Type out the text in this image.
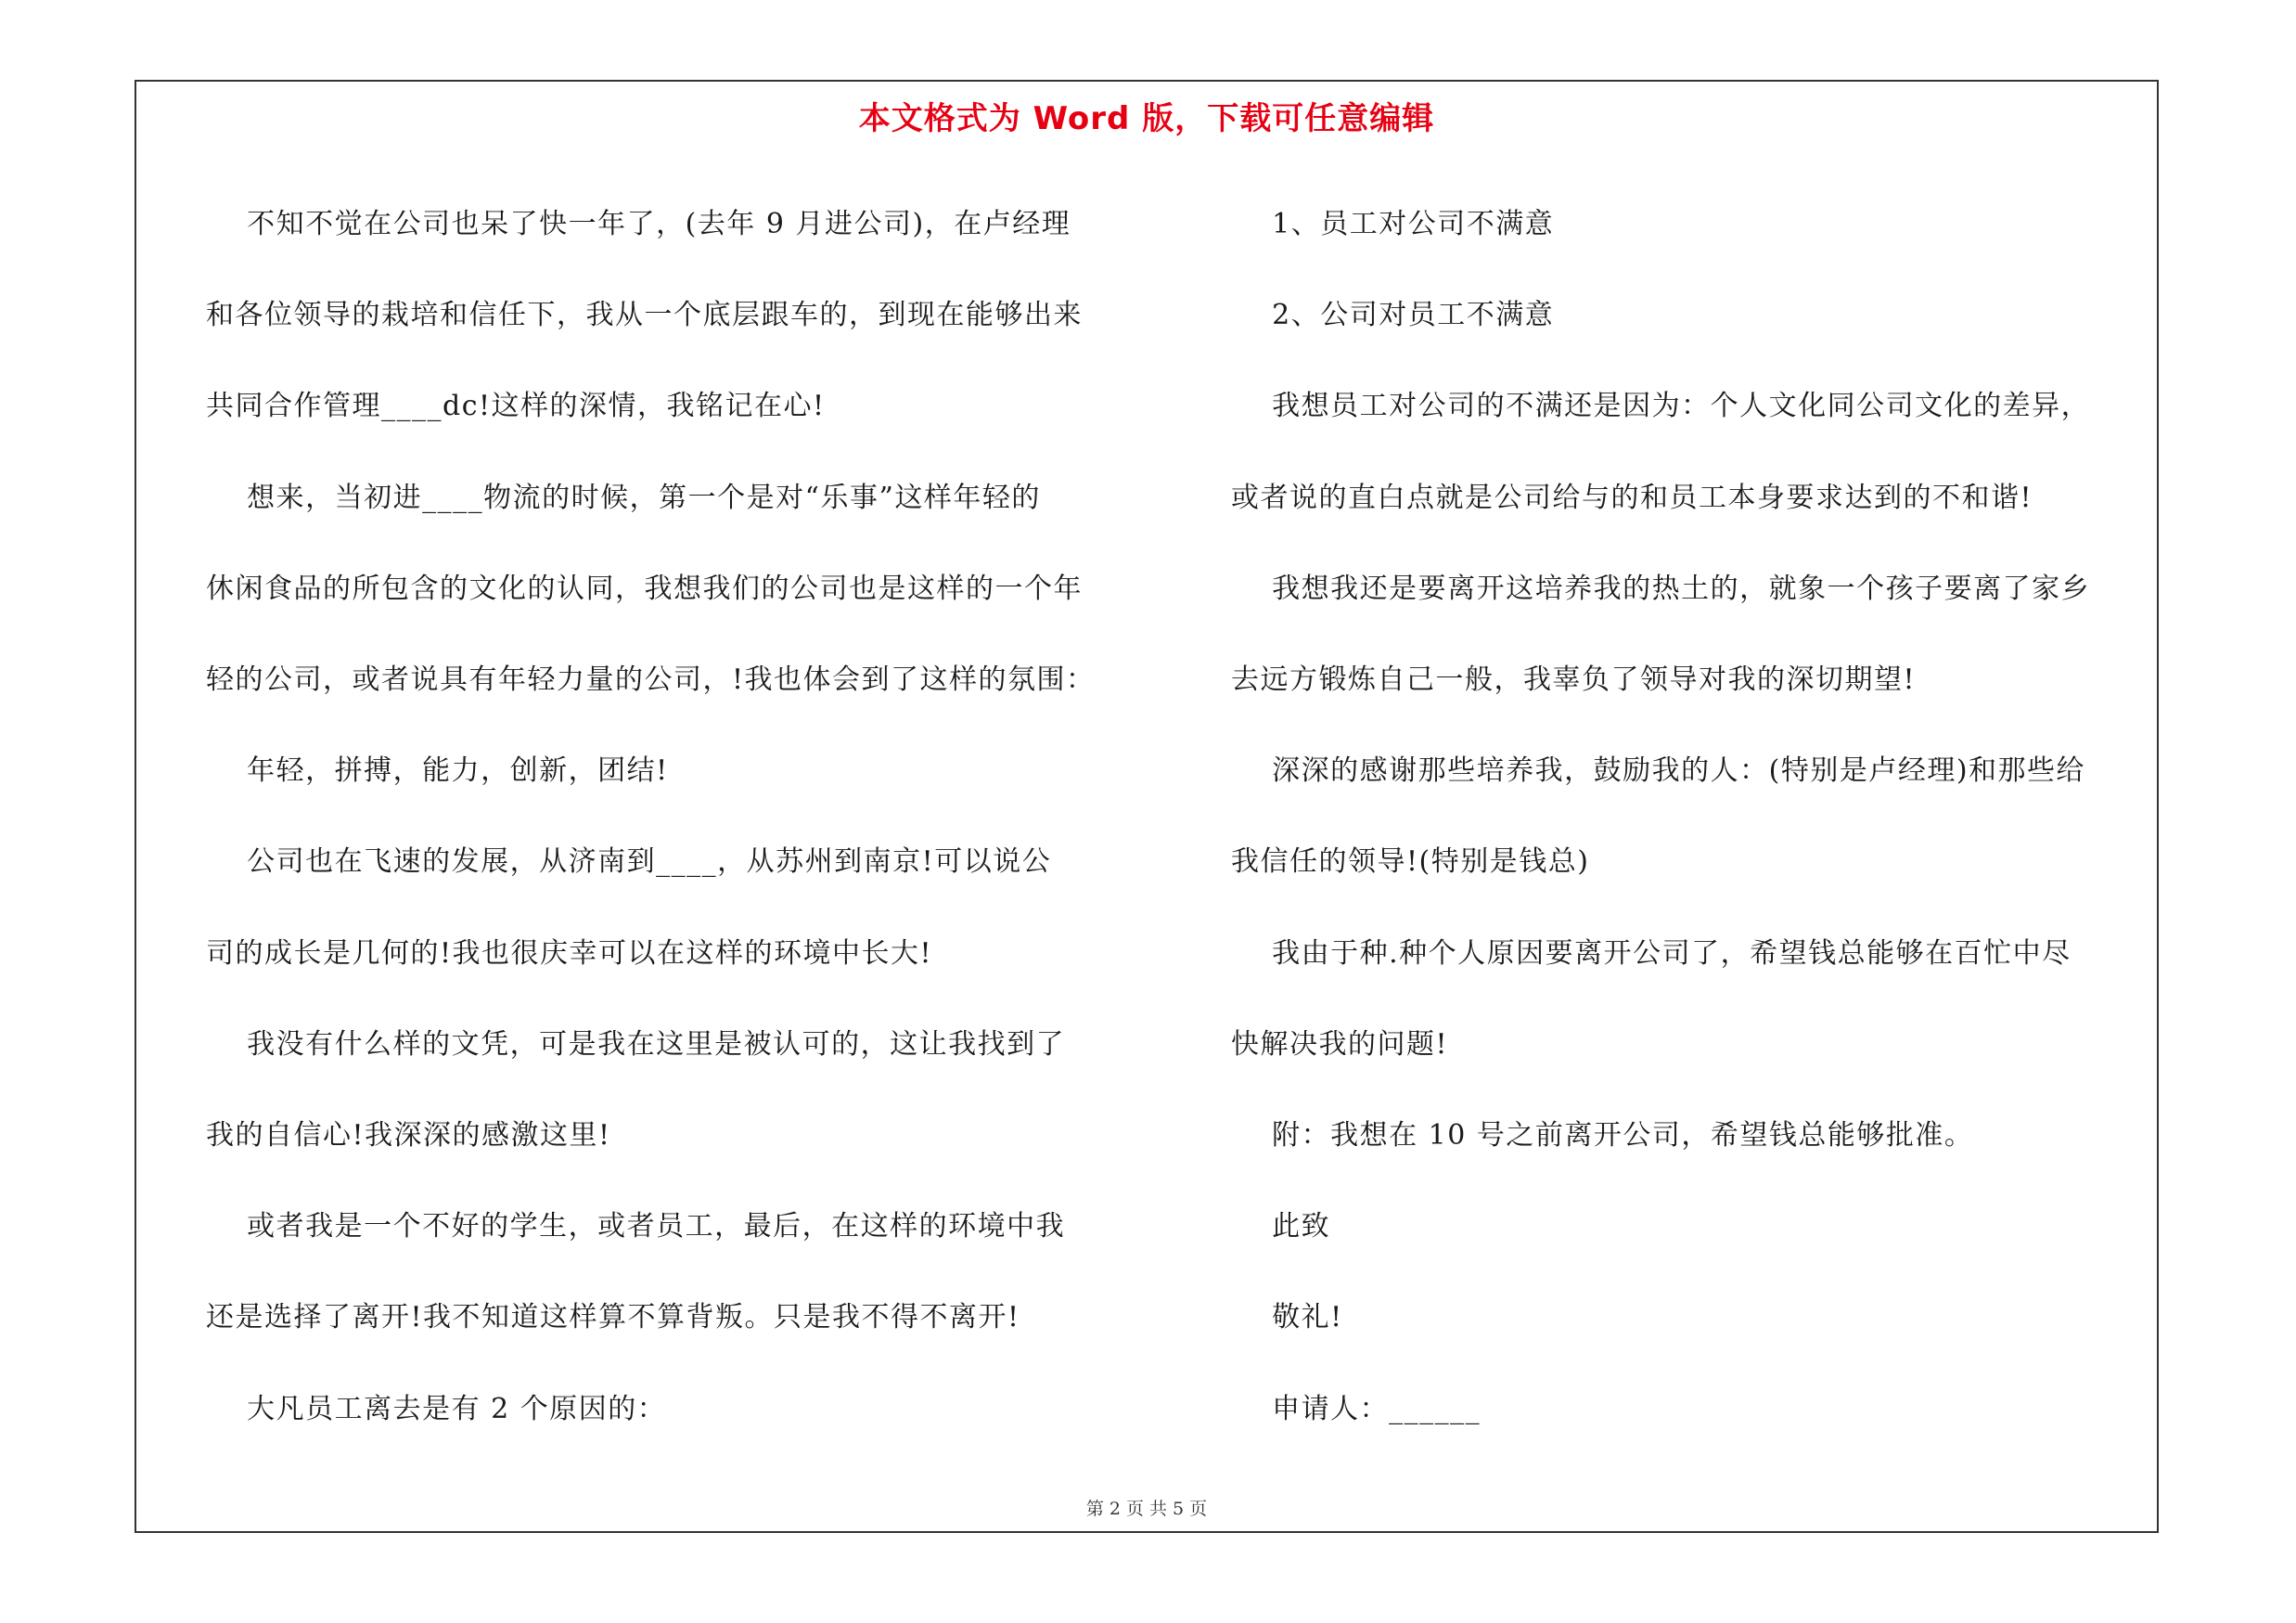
本文格式为 Word 版，下载可任意编辑

不知不觉在公司也呆了快一年了，(去年 9 月进公司)，在卢经理

和各位领导的栽培和信任下，我从一个底层跟车的，到现在能够出来

共同合作管理____dc!这样的深情，我铭记在心!

想来，当初进____物流的时候，第一个是对“乐事”这样年轻的

休闲食品的所包含的文化的认同，我想我们的公司也是这样的一个年

轻的公司，或者说具有年轻力量的公司，!我也体会到了这样的氛围：

年轻，拼搏，能力，创新，团结!

公司也在飞速的发展，从济南到____，从苏州到南京!可以说公

司的成长是几何的!我也很庆幸可以在这样的环境中长大!

我没有什么样的文凭，可是我在这里是被认可的，这让我找到了

我的自信心!我深深的感激这里!

或者我是一个不好的学生，或者员工，最后，在这样的环境中我

还是选择了离开!我不知道这样算不算背叛。只是我不得不离开!

大凡员工离去是有 2 个原因的：

1、员工对公司不满意

2、公司对员工不满意

我想员工对公司的不满还是因为：个人文化同公司文化的差异，

或者说的直白点就是公司给与的和员工本身要求达到的不和谐!

我想我还是要离开这培养我的热土的，就象一个孩子要离了家乡

去远方锻炼自己一般，我辜负了领导对我的深切期望!

深深的感谢那些培养我，鼓励我的人：(特别是卢经理)和那些给

我信任的领导!(特别是钱总)

我由于种.种个人原因要离开公司了，希望钱总能够在百忙中尽

快解决我的问题!

附：我想在 10 号之前离开公司，希望钱总能够批准。

此致

敬礼!

申请人：______

第 2 页 共 5 页
